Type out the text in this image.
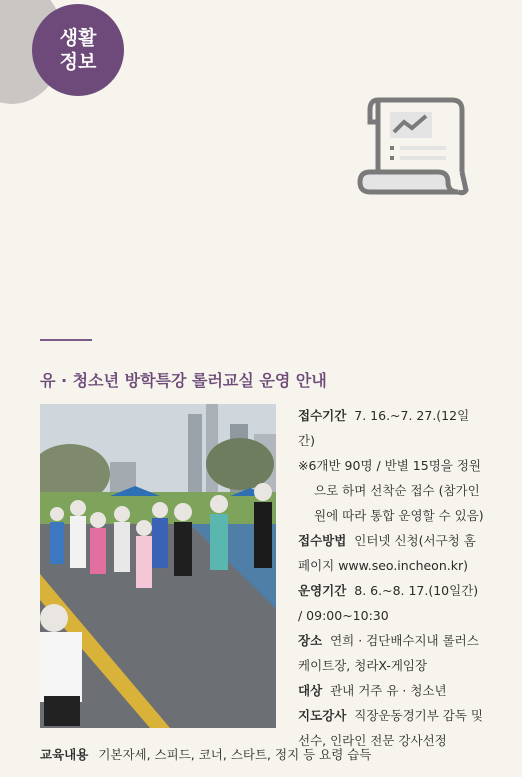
생활
정보
유 · 청소년 방학특강 롤러교실 운영 안내

접수기간 7. 16.~7. 27.(12일간)

※6개반 90명 / 반별 15명을 정원으로 하며 선착순 접수 (참가인원에 따라 통합 운영할 수 있음)

접수방법 인터넷 신청(서구청 홈페이지 www.seo.incheon.kr)

운영기간 8. 6.~8. 17.(10일간) / 09:00~10:30

장소 연희 · 검단배수지내 롤러스케이트장, 청라X-게임장

대상 관내 거주 유 · 청소년

지도강사 직장운동경기부 감독 및 선수, 인라인 전문 강사선정

교육내용 기본자세, 스피드, 코너, 스타트, 정지 등 요령 습득
